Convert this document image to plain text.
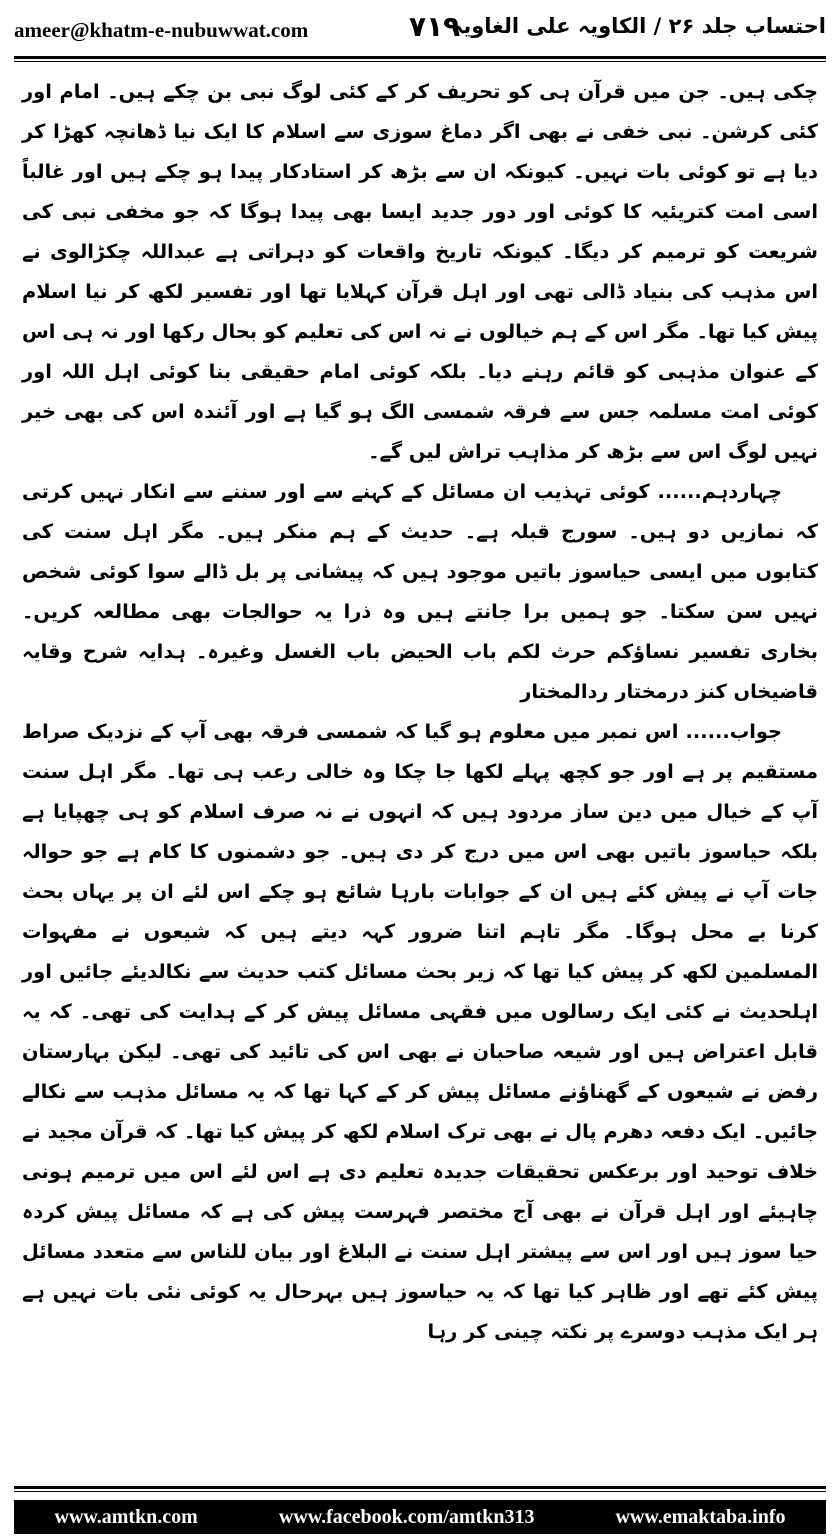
ameer@khatm-e-nubuwwat.com	۷۱۹
احتساب جلد ۲۶ / الکاویہ علی الغاویہ

چکی ہیں۔ جن میں قرآن ہی کو تحریف کر کے کئی لوگ نبی بن چکے ہیں۔ امام اور کئی کرشن۔ نبی خفی نے بھی اگر دماغ سوزی سے اسلام کا ایک نیا ڈھانچہ کھڑا کر دیا ہے تو کوئی بات نہیں۔ کیونکہ ان سے بڑھ کر استادکار پیدا ہو چکے ہیں اور غالباً اسی امت کتریئیہ کا کوئی اور دور جدید ایسا بھی پیدا ہوگا کہ جو مخفی نبی کی شریعت کو ترمیم کر دیگا۔ کیونکہ تاریخ واقعات کو دہراتی ہے عبداللہ چکڑالوی نے اس مذہب کی بنیاد ڈالی تھی اور اہل قرآن کہلایا تھا اور تفسیر لکھ کر نیا اسلام پیش کیا تھا۔ مگر اس کے ہم خیالوں نے نہ اس کی تعلیم کو بحال رکھا اور نہ ہی اس کے عنوان مذہبی کو قائم رہنے دیا۔ بلکہ کوئی امام حقیقی بنا کوئی اہل اللہ اور کوئی امت مسلمہ جس سے فرقہ شمسی الگ ہو گیا ہے اور آئندہ اس کی بھی خیر نہیں لوگ اس سے بڑھ کر مذاہب تراش لیں گے۔

چہاردہم...... کوئی تہذیب ان مسائل کے کہنے سے اور سننے سے انکار نہیں کرتی کہ نمازیں دو ہیں۔ سورج قبلہ ہے۔ حدیث کے ہم منکر ہیں۔ مگر اہل سنت کی کتابوں میں ایسی حیاسوز باتیں موجود ہیں کہ پیشانی پر بل ڈالے سوا کوئی شخص نہیں سن سکتا۔ جو ہمیں برا جانتے ہیں وہ ذرا یہ حوالجات بھی مطالعہ کریں۔ بخاری تفسیر نساؤکم حرث لکم باب الحیض باب الغسل وغیرہ۔ ہدایہ شرح وقایہ قاضیخاں کنز درمختار ردالمختار

جواب...... اس نمبر میں معلوم ہو گیا کہ شمسی فرقہ بھی آپ کے نزدیک صراط مستقیم پر ہے اور جو کچھ پہلے لکھا جا چکا وہ خالی رعب ہی تھا۔ مگر اہل سنت آپ کے خیال میں دین ساز مردود ہیں کہ انہوں نے نہ صرف اسلام کو ہی چھپایا ہے بلکہ حیاسوز باتیں بھی اس میں درج کر دی ہیں۔ جو دشمنوں کا کام ہے جو حوالہ جات آپ نے پیش کئے ہیں ان کے جوابات بارہا شائع ہو چکے اس لئے ان پر یہاں بحث کرنا بے محل ہوگا۔ مگر تاہم اتنا ضرور کہہ دیتے ہیں کہ شیعوں نے مفہوات المسلمین لکھ کر پیش کیا تھا کہ زیر بحث مسائل کتب حدیث سے نکالدیئے جائیں اور اہلحدیث نے کئی ایک رسالوں میں فقہی مسائل پیش کر کے ہدایت کی تھی۔ کہ یہ قابل اعتراض ہیں اور شیعہ صاحبان نے بھی اس کی تائید کی تھی۔ لیکن بہارستان رفض نے شیعوں کے گھناؤنے مسائل پیش کر کے کہا تھا کہ یہ مسائل مذہب سے نکالے جائیں۔ ایک دفعہ دھرم پال نے بھی ترک اسلام لکھ کر پیش کیا تھا۔ کہ قرآن مجید نے خلاف توحید اور برعکس تحقیقات جدیدہ تعلیم دی ہے اس لئے اس میں ترمیم ہونی چاہیئے اور اہل قرآن نے بھی آج مختصر فہرست پیش کی ہے کہ مسائل پیش کردہ حیا سوز ہیں اور اس سے پیشتر اہل سنت نے البلاغ اور بیان للناس سے متعدد مسائل پیش کئے تھے اور ظاہر کیا تھا کہ یہ حیاسوز ہیں بہرحال یہ کوئی نئی بات نہیں ہے ہر ایک مذہب دوسرے پر نکتہ چینی کر رہا

www.amtkn.com	www.facebook.com/amtkn313	www.emaktaba.info
